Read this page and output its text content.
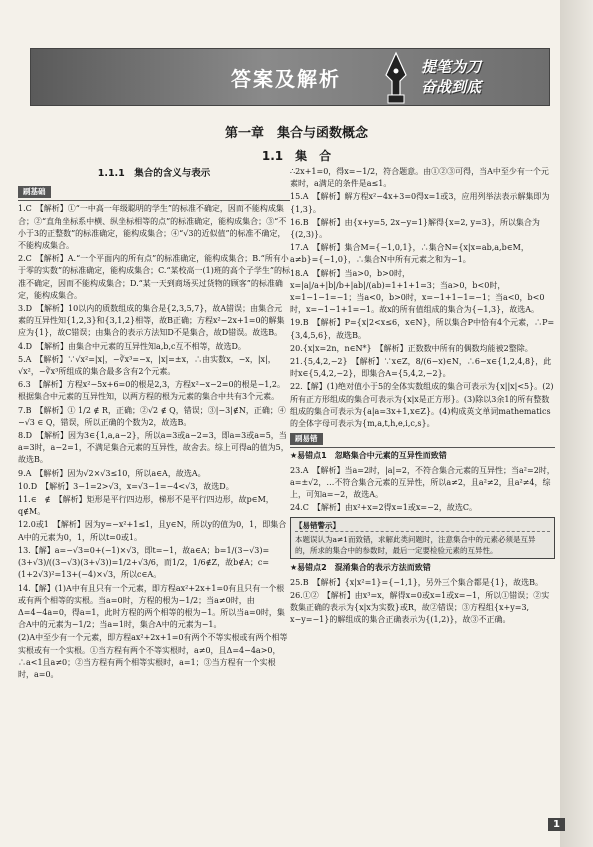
答案及解析	提笔为刀
奋战到底
第一章　集合与函数概念
1.1　集　合
1.1.1　集合的含义与表示
刷基础
1.C　【解析】①“一中高一年级聪明的学生”的标准不确定，因而不能构成集合；②“直角坐标系中横、纵坐标相等的点”的标准确定，能构成集合；③“不小于3的正整数”的标准确定，能构成集合；④“√3的近似值”的标准不确定，不能构成集合。
2.C　【解析】A.“一个平面内的所有点”的标准确定，能构成集合；B.“所有小于零的实数”的标准确定，能构成集合；C.“某校高一(1)班的高个子学生”的标准不确定，因而不能构成集合；D.“某一天到商场买过货物的顾客”的标准确定，能构成集合。
3.D　【解析】10以内的质数组成的集合是{2,3,5,7}，故A错误；由集合元素的互异性知{1,2,3}和{3,1,2}相等，故B正确；方程x²−2x+1=0的解集应为{1}，故C错误；由集合的表示方法知D不是集合，故D错误。故选B。
4.D　【解析】由集合中元素的互异性知a,b,c互不相等，故选D。
5.A　【解析】∵√x²=|x|，−∛x³=−x，|x|=±x，∴由实数x，−x，|x|，√x²，−∛x³所组成的集合最多含有2个元素。
6.3　【解析】方程x²−5x+6=0的根是2,3，方程x²−x−2=0的根是−1,2。根据集合中元素的互异性知，以两方程的根为元素的集合中共有3个元素。
7.B　【解析】① 1/2 ∉ R，正确；②√2 ∉ Q，错误；③|−3|∉N，正确；④ −√3 ∈ Q，错误，所以正确的个数为2，故选B。
8.D　【解析】因为3∈{1,a,a−2}，所以a=3或a−2=3，即a=3或a=5，当a=3时，a−2=1，不满足集合元素的互异性，故舍去。综上可得a的值为5，故选B。
9.A　【解析】因为√2×√3≤10，所以a∈A，故选A。
10.D　【解析】3−1=2>√3，x=√3−1=−4<√3，故选D。
11.∈　∉　【解析】矩形是平行四边形，梯形不是平行四边形，故p∈M，q∉M。
12.0或1　【解析】因为y=−x²+1≤1，且y∈N，所以y的值为0，1，即集合A中的元素为0，1，所以t=0或1。
13.【解】a=−√3=0+(−1)×√3，即t=−1，故a∈A；b=1/(3−√3)=(3+√3)/((3−√3)(3+√3))=1/2+√3/6，而1/2，1/6∉Z，故b∉A；c=(1+2√3)²=13+(−4)×√3，所以c∈A。
14.【解】(1)A中有且只有一个元素，即方程ax²+2x+1=0有且只有一个根或有两个相等的实根。当a=0时，方程的根为−1/2；当a≠0时，由Δ=4−4a=0，得a=1，此时方程的两个相等的根为−1。所以当a=0时，集合A中的元素为−1/2；当a=1时，集合A中的元素为−1。
(2)A中至少有一个元素，即方程ax²+2x+1=0有两个不等实根或有两个相等实根或有一个实根。①当方程有两个不等实根时，a≠0，且Δ=4−4a>0，∴a<1且a≠0；②当方程有两个相等实根时，a=1；③当方程有一个实根时，a=0。
∴2x+1=0，得x=−1/2，符合题意。由①②③可得，当A中至少有一个元素时，a满足的条件是a≤1。
15.A　【解析】解方程x²−4x+3=0得x=1或3，应用列举法表示解集即为{1,3}。
16.B　【解析】由{x+y=5, 2x−y=1}解得{x=2, y=3}，所以集合为{(2,3)}。
17.A　【解析】集合M={−1,0,1}，∴集合N={x|x=ab,a,b∈M，a≠b}={−1,0}，∴集合N中所有元素之和为−1。
18.A　【解析】当a>0，b>0时，x=|a|/a+|b|/b+|ab|/(ab)=1+1+1=3；当a>0，b<0时，x=1−1−1=−1；当a<0，b>0时，x=−1+1−1=−1；当a<0，b<0时，x=−1−1+1=−1。故x的所有值组成的集合为{−1,3}，故选A。
19.B　【解析】P={x|2<x≤6，x∈N}，所以集合P中恰有4个元素，∴P={3,4,5,6}，故选B。
20.{x|x=2n，n∈N*}　【解析】正数数中所有的偶数均能被2整除。
21.{5,4,2,−2}　【解析】∵x∈Z，8/(6−x)∈N，∴6−x∈{1,2,4,8}，此时x∈{5,4,2,−2}，即集合A={5,4,2,−2}。
22.【解】(1)绝对值小于5的全体实数组成的集合可表示为{x||x|<5}。(2)所有正方形组成的集合可表示为{x|x是正方形}。(3)除以3余1的所有整数组成的集合可表示为{a|a=3x+1,x∈Z}。(4)构成英文单词mathematics的全体字母可表示为{m,a,t,h,e,i,c,s}。
刷易错
★易错点1　忽略集合中元素的互异性而致错
23.A　【解析】当a=2时，|a|=2，不符合集合元素的互异性；当a²=2时，a=±√2，…不符合集合元素的互异性，所以a≠2，且a²≠2，且a²≠4，综上，可知a=−2，故选A。
24.C　【解析】由x²+x=2得x=1或x=−2，故选C。
【易错警示】
本题误认为a≠1而致错，求解此类问题时，注意集合中的元素必须是互异的，所求的集合中的参数时，最后一定要检验元素的互异性。
★易错点2　混淆集合的表示方法而致错
25.B　【解析】{x|x²=1}={−1,1}，另外三个集合都是{1}，故选B。
26.①②　【解析】由x³=x，解得x=0或x=1或x=−1，所以①错误；②实数集正确的表示为{x|x为实数}或R，故②错误；③方程组{x+y=3, x−y=−1}的解组成的集合正确表示为{(1,2)}，故③不正确。
1
